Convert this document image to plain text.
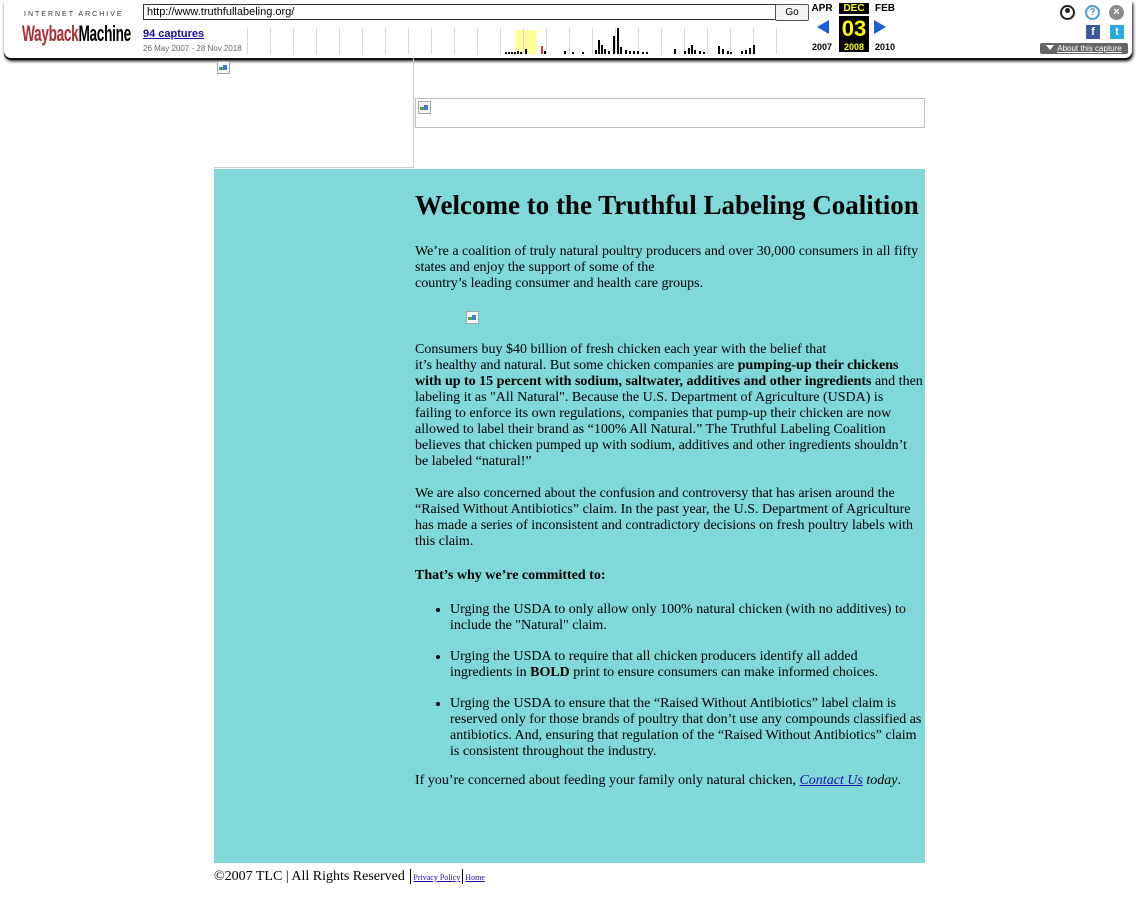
INTERNET ARCHIVE
WaybackMachine
http://www.truthfullabeling.org/	Go
94 captures
26 May 2007 - 28 Nov 2018
APR	DEC	FEB
03
2007	2008	2010
?	×
f	t
About this capture
Welcome to the Truthful Labeling Coalition

We’re a coalition of truly natural poultry producers and over 30,000 consumers in all fifty states and enjoy the support of some of the
country’s leading consumer and health care groups.

Consumers buy $40 billion of fresh chicken each year with the belief that
it’s healthy and natural. But some chicken companies are pumping-up their chickens with up to 15 percent with sodium, saltwater, additives and other ingredients and then labeling it as "All Natural". Because the U.S. Department of Agriculture (USDA) is failing to enforce its own regulations, companies that pump-up their chicken are now allowed to label their brand as “100% All Natural.” The Truthful Labeling Coalition believes that chicken pumped up with sodium, additives and other ingredients shouldn’t be labeled “natural!”

We are also concerned about the confusion and controversy that has arisen around the “Raised Without Antibiotics” claim. In the past year, the U.S. Department of Agriculture has made a series of inconsistent and contradictory decisions on fresh poultry labels with this claim.

That’s why we’re committed to:

• Urging the USDA to only allow only 100% natural chicken (with no additives) to include the "Natural" claim.
• Urging the USDA to require that all chicken producers identify all added ingredients in BOLD print to ensure consumers can make informed choices.
• Urging the USDA to ensure that the “Raised Without Antibiotics” label claim is reserved only for those brands of poultry that don’t use any compounds classified as antibiotics. And, ensuring that regulation of the “Raised Without Antibiotics” claim is consistent throughout the industry.

If you’re concerned about feeding your family only natural chicken, Contact Us today.

©2007 TLC | All Rights Reserved Privacy Policy Home
